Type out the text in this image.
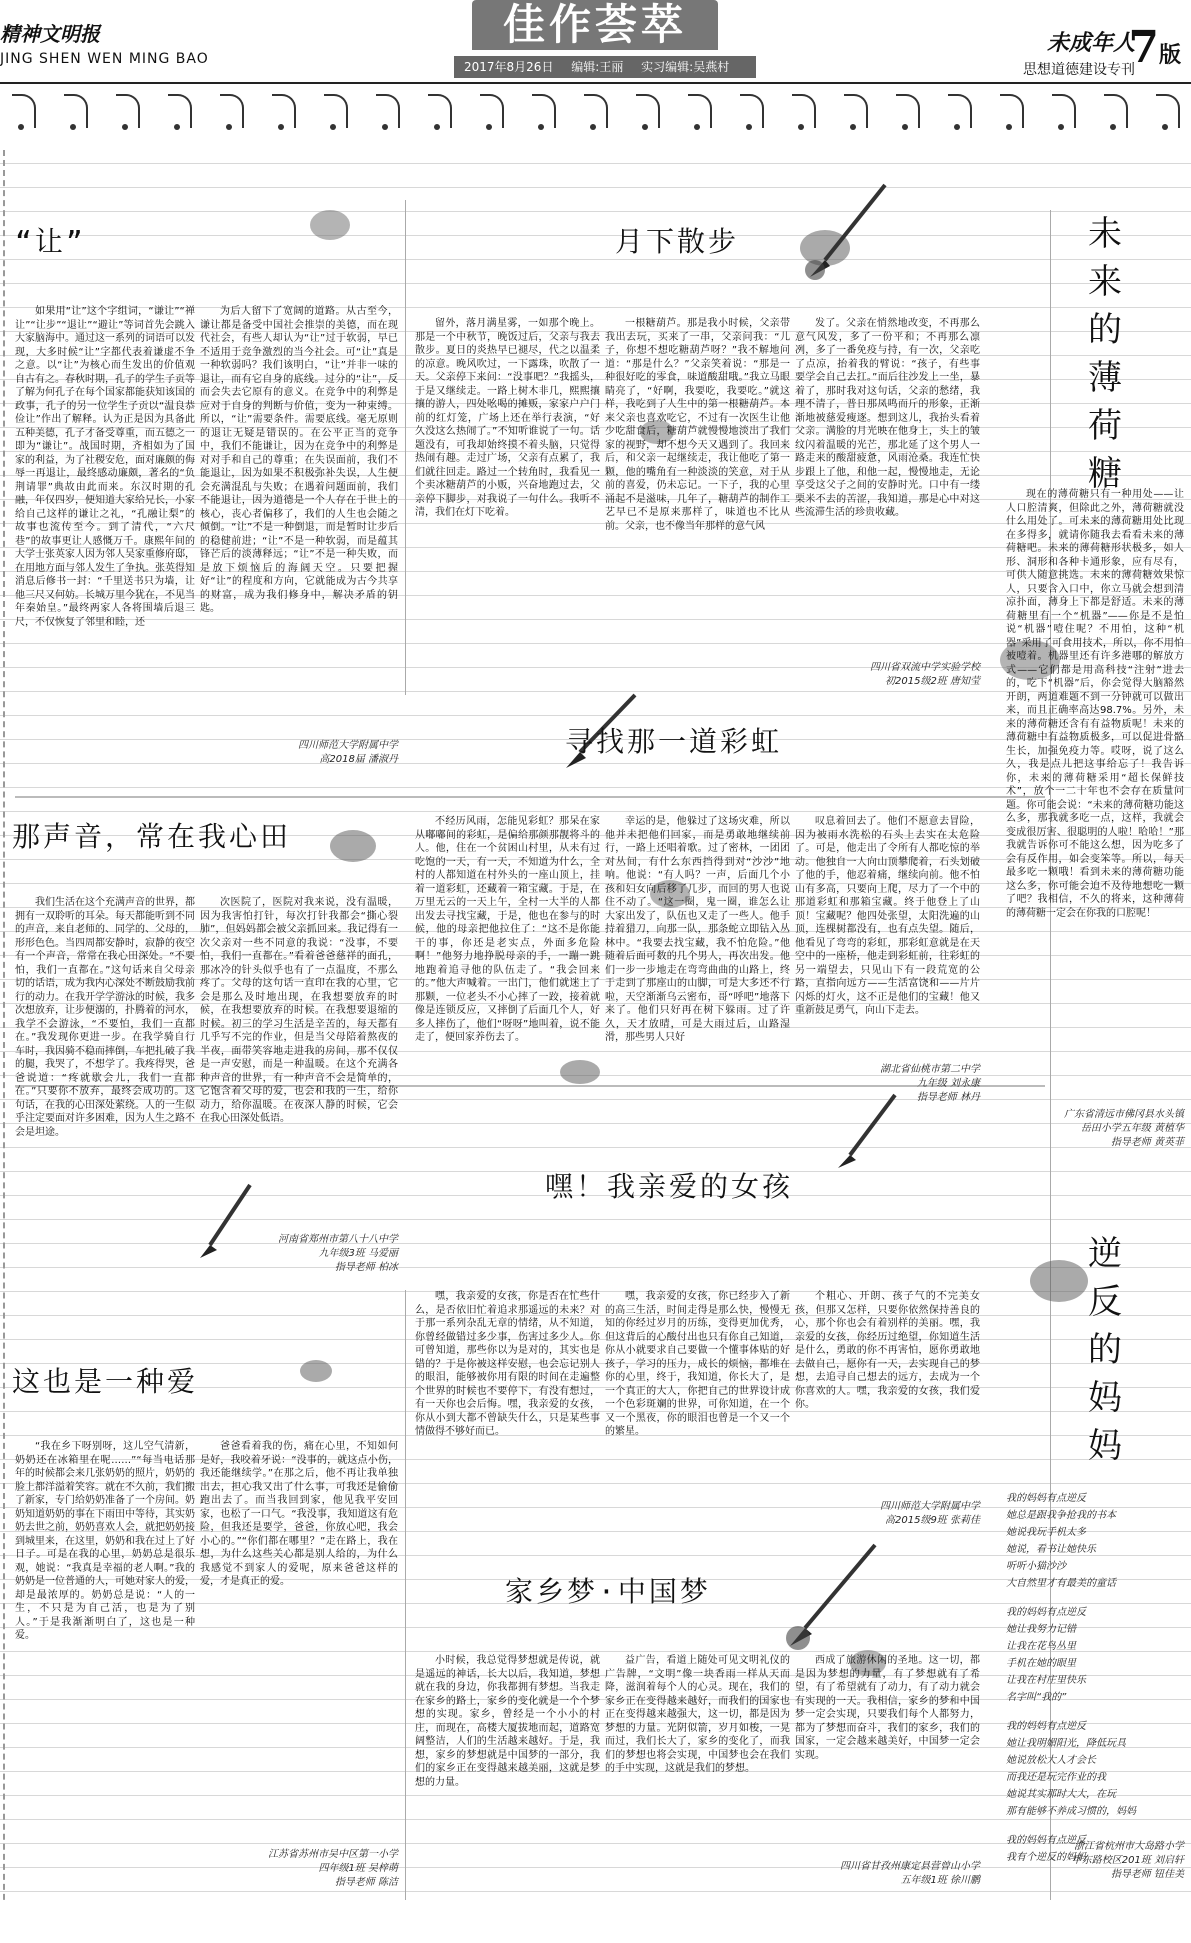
精神文明报
JING SHEN WEN MING BAO
佳作荟萃
2017年8月26日 编辑:王丽 实习编辑:吴燕村
未成年人
思想道德建设专刊
7版
“让”
如果用“让”这个字组词，“谦让”“禅让”“让步”“退让”“避让”等词首先会跳入大家脑海中。通过这一系列的词语可以发现，大多时候“让”字都代表着谦虚不争之意。以“让”为核心而生发出的价值观自古有之。春秋时期，孔子的学生子贡等了解为何孔子在每个国家都能获知该国的政事，孔子的另一位学生子贡以“温良恭俭让”作出了解释。认为正是因为具备此五种美德，孔子才备受尊重，而五德之一即为“谦让”。战国时期，齐相如为了国家的利益，为了社稷安危，面对廉颇的侮辱一再退让，最终感动廉颇，著名的“负荆请罪”典故由此而来。东汉时期的孔融，年仅四岁，便知道大家给兄长，小家给自己这样的谦让之礼，“孔融让梨”的故事也流传至今。到了清代，“六尺巷”的故事更让人感慨万千。康熙年间的大学士张英家人因为邻人吴家重修府邸，在用地方面与邻人发生了争执。张英得知消息后修书一封：“千里送书只为墙，让他三尺又何妨。长城万里今犹在，不见当年秦始皇。”最终两家人各将围墙后退三尺，不仅恢复了邻里和睦，还
为后人留下了宽阔的道路。从古至今，谦让都是备受中国社会推崇的美德，而在现代社会，有些人却认为“让”过于软弱，早已不适用于竞争激烈的当今社会。可“让”真是一种软弱吗？我们该明白，“让”并非一味的退让，而有它自身的底线。过分的“让”，反而会失去它原有的意义。在竞争中的利弊是应对于自身的判断与价值，变为一种束缚。所以，“让”需要条件。需要底线。毫无原则的退让无疑是错误的。在公平正当的竞争中，我们不能谦让，因为在竞争中的利弊是对对手和自己的尊重；在失误面前，我们不能退让，因为如果不积极弥补失误，人生便会充满混乱与失败；在遇着问题面前，我们不能退让，因为道德是一个人存在于世上的核心，丧心者偏移了，我们的人生也会随之倾倒。“让”不是一种倒退，而是暂时让步后的稳健前进；“让”不是一种软弱，而是蕴其锋芒后的淡薄释远；“让”不是一种失败，而是放下烦恼后的海阔天空。只要把握好“让”的程度和方向，它就能成为古今共享的财富，成为我们修身中，解决矛盾的钥匙。
四川师范大学附属中学
高2018届 潘淑丹
月下散步
留外，落月满星雾，一如那个晚上。那是一个中秋节，晚饭过后，父亲与我去散步。夏日的炎热早已褪尽，代之以温柔的凉意。晚风吹过，一下露珠，吹散了一天。父亲停下来问：“没事吧？”我摇头，于是又继续走。一路上树木非几，熙熙攘攘的游人，四处吆喝的摊贩，家家户户门前的红灯笼，广场上还在举行表演，“好久没这么热闹了。”不知听谁说了一句。话题没有，可我却始终摸不着头脑，只觉得热闹有趣。走过广场，父亲有点累了，我们就往回走。路过一个转角时，我看见一个卖冰糖葫芦的小贩，兴奋地跑过去，父亲停下脚步，对我说了一句什么。我听不清，我们在灯下吃着。
一根糖葫芦。那是我小时候，父亲带我出去玩，买来了一串，父亲问我：“儿子，你想不想吃糖葫芦呀？”我不解地问道：“那是什么？”父亲笑着说：“那是一种很好吃的零食，味道酸甜哦。”我立马眼睛亮了，“好啊，我要吃，我要吃。”就这样，我吃到了人生中的第一根糖葫芦。本来父亲也喜欢吃它，不过有一次医生让他少吃甜食后，糖葫芦就慢慢地淡出了我们家的视野，却不想今天又遇到了。我回来后，和父亲一起继续走，我让他吃了第一颗，他的嘴角有一种淡淡的笑意，对于从前的喜爱，仍未忘记。一下子，我的心里涌起不是滋味，几年了，糖葫芦的制作工艺早已不是原来那样了，味道也不比从前。父亲，也不像当年那样的意气风
发了。父亲在悄然地改变，不再那么意气风发，多了一份平和；不再那么凛冽，多了一番免疫与持，有一次，父亲吃了点凉，抬着我的臂说：“孩子，有些事要学会自己去扛。”而后往沙发上一坐，暴着了，那时我对这句话，父亲的愁绪，我理不清了，普日那凤鸣而斤的形象，正渐渐地被慈爱瘦逐。想到这儿，我抬头看着父亲。满脸的月光映在他身上，头上的皱纹闪着温暖的光芒，那北延了这个男人一路走来的酸甜疲惫，风雨沧桑。我连忙快步跟上了他，和他一起，慢慢地走，无论享受这父子之间的安静时光。口中有一缕栗米不去的苦涩，我知道，那是心中对这些流滞生活的珍贵收藏。
四川省双流中学实验学校
初2015级2班 唐知莹
未来的薄荷糖
现在的薄荷糖只有一种用处——让人口腔清爽，但除此之外，薄荷糖就没什么用处了。可未来的薄荷糖用处比现在多得多，就请你随我去看看未来的薄荷糖吧。未来的薄荷糖形状极多，如人形、洞形和各种卡通形象，应有尽有，可供人随意挑选。未来的薄荷糖效果惊人，只要含入口中，你立马就会想到清凉扑面，薄身上下都是舒适。未来的薄荷糖里有一个“机器”——你是不是怕说“机器”噎住呢？不用怕，这种“机器”采用了可食用技术，所以，你不用怕被噎着。机器里还有许多港哪的解放方式——它们都是用高科技“注射”进去的，吃下“机器”后，你会觉得大脑豁然开朗，两道难题不到一分钟就可以做出来，而且正确率高达98.7%。另外，未来的薄荷糖还含有有益物质呢！未来的薄荷糖中有益物质极多，可以促进骨骼生长，加强免疫力等。哎呀，说了这么久，我是点儿把这事给忘了！我告诉你，未来的薄荷糖采用“超长保鲜技术”，放个一二十年也不会存在质量问题。你可能会说：“未来的薄荷糖功能这么多，那我就多吃一点，这样，我就会变成很厉害、很聪明的人啦！哈哈！”那我就告诉你可不能这么想，因为吃多了会有反作用，如会变笨等。所以，每天最多吃一颗哦！看到未来的薄荷糖功能这么多，你可能会迫不及待地想吃一颗了吧？我相信，不久的将来，这种薄荷的薄荷糖一定会在你我的口腔呢！
广东省清远市佛冈县水头镇
岳田小学五年级 黄植华
指导老师 黄英菲
寻找那一道彩虹
不经历风雨，怎能见彩虹？那呆在家从嘟嘟间的彩虹，是偏给那颜那靓将斗的人。他，住在一个贫困山村里，从未有过吃饱的一天，有一天，不知道为什么，全村的人都知道在村外头的一座山顶上，挂着一道彩虹，还藏着一箱宝藏。于是，在万里无云的一天上午，全村一大半的人都出发去寻找宝藏，于是，他也在参与的时候，他的母亲把他拉住了：“这不是你能干的事，你还是老实点，外面多危险啊！”他努力地挣脱母亲的手，一蹦一跳地跑着追寻他的队伍走了。“我会回来的。”他大声喊着。一出门，他们就迷上了那颗，一位老头不小心摔了一跤，接着就像是连锁反应，又摔倒了后面几个人，好多人摔伤了，他们“呀呀”地叫着，说不能走了，便回家养伤去了。
幸运的是，他躲过了这场灾难，所以他并未把他们回家，而是勇敢地继续前行，一路上还唱着歌。过了密林，一团团对丛间，有什么东西挡得到对“沙沙”地响。他说：“有人吗？一声，后面几个小孩和妇女向后移了几步，而回的男人也说住不动了。“这一圈，鬼一圈，谁怎么让大家出发了，队伍也又走了一些人。他手持着猎刀，向那一队，那条蛇立即钻入丛林中。“我要去找宝藏，我不怕危险。”他随着后面可数的几个男人，再次出发。他们一步一步地走在弯弯曲曲的山路上，终于走到了那座山的山脚，可是大多还不行啦，天空渐渐乌云密布，哥“呼吧”地落下来了。他们只好再在树下躲雨。过了许久，天才放晴，可是大雨过后，山路湿滑，那些男人只好
叹息着回去了。他们不愿意去冒险，因为被雨水洗松的石头上去实在太危险了。可是，他走出了令所有人都吃惊的举动。他独自一人向山顶攀爬着，石头划破了他的手，他忍着痛，继续向前。他不怕山有多高，只要向上爬，尽力了一个中的那道彩虹和那箱宝藏。终于他登上了山顶！宝藏呢？他四处张望，太阳洗遍的山顶，连棵树都没有，也有点失望。随后，他看见了弯弯的彩虹，那彩虹意就是在天空中的一座桥，他走到彩虹前，往彩虹的另一端望去，只见山下有一段荒宽的公路，直指向远方——生活富饶和——片片闪烁的灯火，这不正是他们的宝藏！他又重新鼓足勇气，向山下走去。
湖北省仙桃市第二中学
九年级 刘永康
指导老师 林丹
那声音，常在我心田
我们生活在这个充满声音的世界，都拥有一双聆听的耳朵。每天都能听到不同的声音，来自老师的、同学的、父母的，形形色色。当四周都安静时，寂静的夜空有一个声音，常常在我心田深处。“不要怕，我们一直都在。”这句话来自父母亲切的话语，成为我内心深处不断鼓励我前行的动力。在我开学学游泳的时候，我多次想放弃，让步便溺的，扑腾着的河水，我学不会游泳，“不要怕，我们一直都在。”我发现你更进一步。在我学骑自行车时，我因骑不稳而摔倒，车把扎破了我的腿，我哭了，不想学了。我疼得哭，爸爸说道：“疼就歇会儿，我们一直都在。”只要你不放弃，最终会成功的。这句话，在我的心田深处萦绕。人的一生似乎注定要面对许多困难，因为人生之路不会是坦途。
次医院了，医院对我来说，没有温暖，因为我害怕打针，每次打针我都会“撕心裂肺”，但妈妈都会被父亲抓回来。我记得有一次父亲对一些不同意的我说：“没事，不要怕，我们一直都在。”看着爸爸慈祥的面孔，那冰冷的针头似乎也有了一点温度，不那么疼了。父母的这句话一直印在我的心里，它会是那么及时地出现，在我想要放弃的时候，在我想要放弃的时候。在我想要退缩的时候。初三的学习生活是辛苦的，每天都有几乎写不完的作业，但是当父母陪着熬夜的半夜，面带笑容地走进我的房间，那不仅仅是一声安慰，而是一种温暖。在这个充满各种声音的世界，有一种声音不会是简单的，它饱含着父母的爱，也会和我的一生，给你动力，给你温暖。在夜深人静的时候，它会在我心田深处低语。
河南省郑州市第八十八中学
九年级3班 马爱丽
指导老师 柏冰
嘿！我亲爱的女孩
嘿，我亲爱的女孩，你是否在忙些什么，是否依旧忙着追求那遥远的未来？对于那一系列杂乱无章的情绪，从不知道，你曾经做错过多少事，伤害过多少人。你可曾知道，那些你以为是对的，其实也是错的？于是你被这样安慰，也会忘记别人的眼泪，能够被你用有限的时间在走遍整个世界的时候也不要停下，有没有想过，有一天你也会后悔。嘿，我亲爱的女孩，你从小到大都不曾缺失什么，只是某些事情做得不够好而已。
嘿，我亲爱的女孩，你已经步入了新的高三生活，时间走得是那么快，慢慢无知的你经过岁月的历练，变得更加优秀，但这背后的心酸付出也只有你自己知道，你从小就要求自己要做一个懂事体贴的好孩子，学习的压力，成长的烦恼，都堆在你的心里，终于，我知道，你长大了，是一个真正的大人，你把自己的世界设计成一个色彩斑斓的世界，可你知道，在一个又一个黑夜，你的眼泪也曾是一个又一个的繁星。
个粗心、开朗、孩子气的不完美女孩，但那又怎样，只要你依然保持善良的心，那个你也会有着别样的美丽。嘿，我亲爱的女孩，你经历过绝望，你知道生活是什么，勇敢的你不再害怕，愿你勇敢地去做自己，愿你有一天，去实现自己的梦想，去追寻自己想去的远方，去成为一个你喜欢的人。嘿，我亲爱的女孩，我们爱你。
四川师范大学附属中学
高2015级9班 张莉佳
逆反的妈妈

我的妈妈有点逆反

她总是跟我争抢我的书本

她说我玩手机太多

她说，看书让她快乐

听听小猫沙沙

大自然里才有最美的童话

我的妈妈有点逆反

她让我努力记错

让我在花鸟丛里

手机在她的眼里

让我在村庄里快乐

名字叫“我的”

我的妈妈有点逆反

她让我明媚阳光，降低玩具

她说放松大人才会长

而我还是玩完作业的我

她说其实那时大大，在玩

那有能够不养成习惯的，妈妈

我的妈妈有点逆反

我有个逆反的妈妈

浙江省杭州市大岛路小学
甲东路校区201班 刘启轩
指导老师 钮佳美
这也是一种爱
“我在乡下呀别呀，这儿空气清新，奶奶还在冰箱里在呢……”“每当电话那年的时候都会来几张奶奶的照片，奶奶的脸上都洋溢着笑容。就在不久前，我们搬了新家，专门给奶奶准备了一个房间。奶奶知道奶奶的事在下雨田中等待，其实奶奶去世之前，奶奶喜欢人会，就把奶奶接到城里来，在这里，奶奶和我在过上了好日子。可是在我的心里，奶奶总是很乐观，她说：“我真是幸福的老人啊。”我的奶奶是一位普通的人，可她对家人的爱，却是最浓厚的。奶奶总是说：“人的一生，不只是为自己活，也是为了别人。”于是我渐渐明白了，这也是一种爱。
爸爸看着我的伤，痛在心里，不知如何是好，我咬着牙说：“没事的，就这点小伤，我还能继续学。”在那之后，他不再让我单独出去，担心我又出了什么事，可我还是偷偷跑出去了。而当我回到家，他见我平安回家，也松了一口气。“我没事，我知道这有危险，但我还是要学，爸爸，你放心吧，我会小心的。”“你们都在哪里？”走在路上，我在想，为什么这些关心都是别人给的，为什么我感觉不到家人的爱呢，原来爸爸这样的爱，才是真正的爱。
江苏省苏州市吴中区第一小学
四年级1班 吴梓萌
指导老师 陈洁
家乡梦·中国梦
小时候，我总觉得梦想就是传说，就是遥远的神话，长大以后，我知道，梦想就在我的身边，你我都拥有梦想。当我走在家乡的路上，家乡的变化就是一个个梦想的实现。家乡，曾经是一个小小的村庄，而现在，高楼大厦拔地而起，道路宽阔整洁，人们的生活越来越好。于是，我想，家乡的梦想就是中国梦的一部分，我们的家乡正在变得越来越美丽，这就是梦想的力量。
益广告，看道上随处可见文明礼仪的广告牌，“文明”像一块香雨一样从天而降，滋润着每个人的心灵。现在，我们的家乡正在变得越来越好，而我们的国家也正在变得越来越强大，这一切，都是因为梦想的力量。光阴似箭，岁月如梭，一晃而过，我们长大了，家乡的变化了，而我们的梦想也将会实现，中国梦也会在我们的手中实现，这就是我们的梦想。
西成了旅游休闲的圣地。这一切，都是因为梦想的力量，有了梦想就有了希望，有了希望就有了动力，有了动力就会有实现的一天。我相信，家乡的梦和中国梦一定会实现，只要我们每个人都努力，都为了梦想而奋斗，我们的家乡，我们的国家，一定会越来越美好，中国梦一定会实现。
四川省甘孜州康定县营曾山小学
五年级1班 徐川鹏
